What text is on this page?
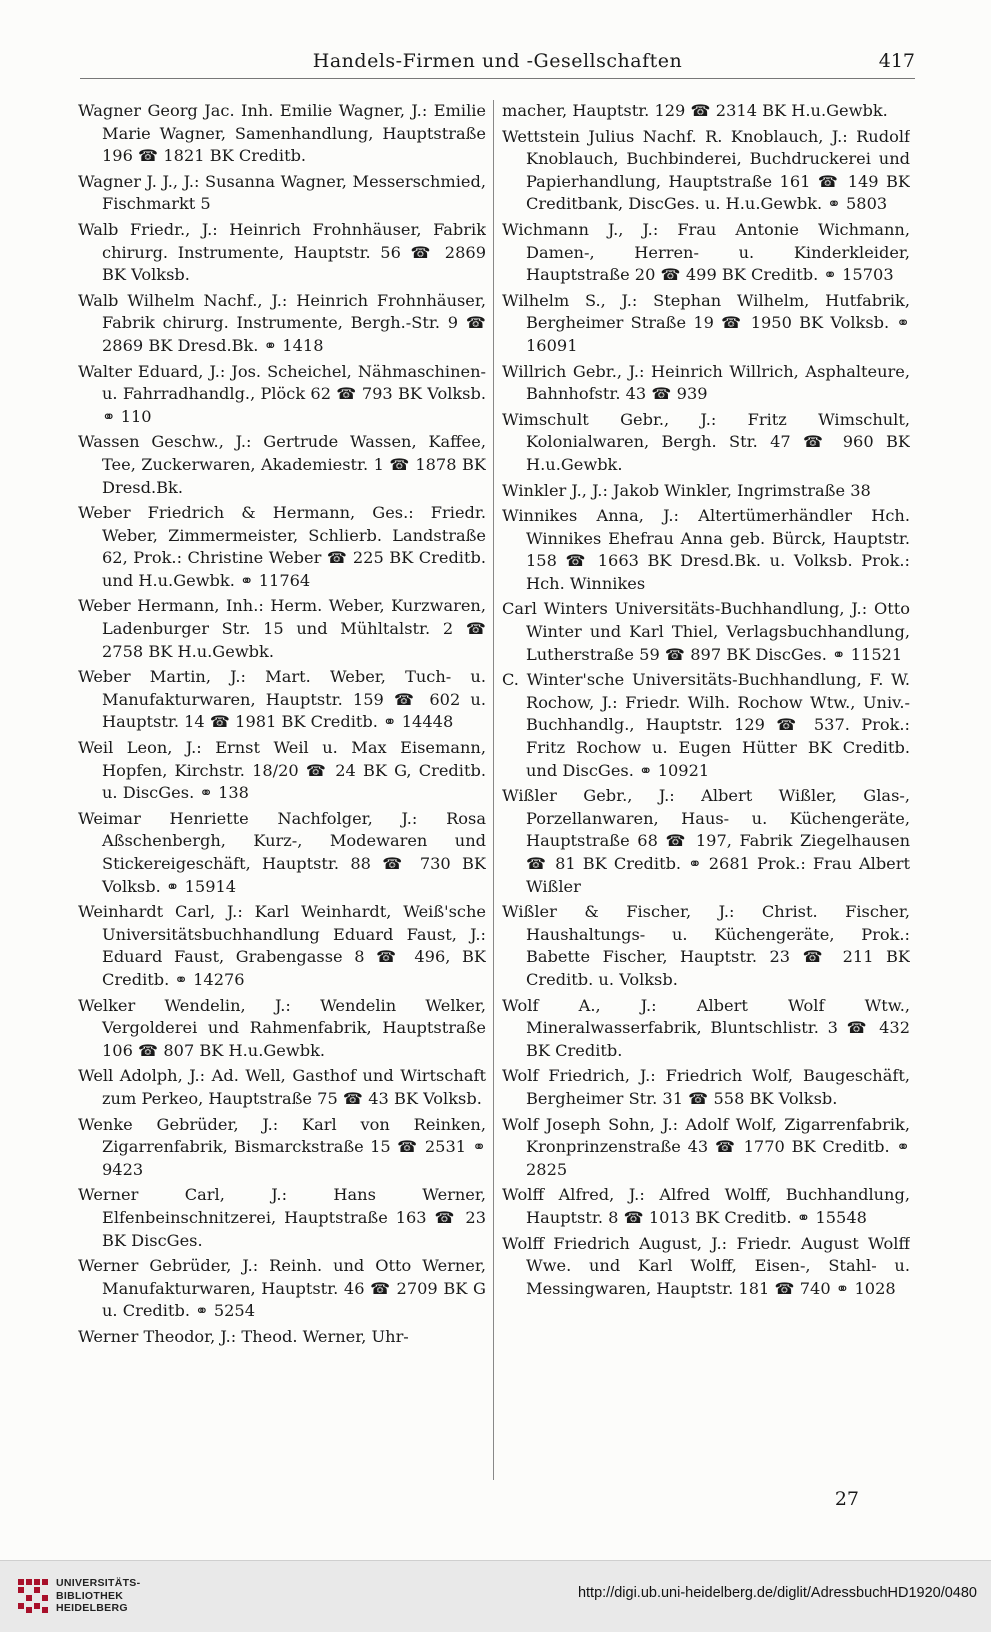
Handels-Firmen und -Gesellschaften	417

Wagner Georg Jac. Inh. Emilie Wagner, J.: Emilie Marie Wagner, Samenhandlung, Hauptstraße 196 ☎ 1821 BK Creditb.

Wagner J. J., J.: Susanna Wagner, Messerschmied, Fischmarkt 5

Walb Friedr., J.: Heinrich Frohnhäuser, Fabrik chirurg. Instrumente, Hauptstr. 56 ☎ 2869 BK Volksb.

Walb Wilhelm Nachf., J.: Heinrich Frohnhäuser, Fabrik chirurg. Instrumente, Bergh.-Str. 9 ☎ 2869 BK Dresd.Bk. ⚭ 1418

Walter Eduard, J.: Jos. Scheichel, Nähmaschinen- u. Fahrradhandlg., Plöck 62 ☎ 793 BK Volksb. ⚭ 110

Wassen Geschw., J.: Gertrude Wassen, Kaffee, Tee, Zuckerwaren, Akademiestr. 1 ☎ 1878 BK Dresd.Bk.

Weber Friedrich & Hermann, Ges.: Friedr. Weber, Zimmermeister, Schlierb. Landstraße 62, Prok.: Christine Weber ☎ 225 BK Creditb. und H.u.Gewbk. ⚭ 11764

Weber Hermann, Inh.: Herm. Weber, Kurzwaren, Ladenburger Str. 15 und Mühltalstr. 2 ☎ 2758 BK H.u.Gewbk.

Weber Martin, J.: Mart. Weber, Tuch- u. Manufakturwaren, Hauptstr. 159 ☎ 602 u. Hauptstr. 14 ☎ 1981 BK Creditb. ⚭ 14448

Weil Leon, J.: Ernst Weil u. Max Eisemann, Hopfen, Kirchstr. 18/20 ☎ 24 BK G, Creditb. u. DiscGes. ⚭ 138

Weimar Henriette Nachfolger, J.: Rosa Aßschenbergh, Kurz-, Modewaren und Stickereigeschäft, Hauptstr. 88 ☎ 730 BK Volksb. ⚭ 15914

Weinhardt Carl, J.: Karl Weinhardt, Weiß'sche Universitätsbuchhandlung Eduard Faust, J.: Eduard Faust, Grabengasse 8 ☎ 496, BK Creditb. ⚭ 14276

Welker Wendelin, J.: Wendelin Welker, Vergolderei und Rahmenfabrik, Hauptstraße 106 ☎ 807 BK H.u.Gewbk.

Well Adolph, J.: Ad. Well, Gasthof und Wirtschaft zum Perkeo, Hauptstraße 75 ☎ 43 BK Volksb.

Wenke Gebrüder, J.: Karl von Reinken, Zigarrenfabrik, Bismarckstraße 15 ☎ 2531 ⚭ 9423

Werner Carl, J.: Hans Werner, Elfenbeinschnitzerei, Hauptstraße 163 ☎ 23 BK DiscGes.

Werner Gebrüder, J.: Reinh. und Otto Werner, Manufakturwaren, Hauptstr. 46 ☎ 2709 BK G u. Creditb. ⚭ 5254

Werner Theodor, J.: Theod. Werner, Uhr-

macher, Hauptstr. 129 ☎ 2314 BK H.u.Gewbk.

Wettstein Julius Nachf. R. Knoblauch, J.: Rudolf Knoblauch, Buchbinderei, Buchdruckerei und Papierhandlung, Hauptstraße 161 ☎ 149 BK Creditbank, DiscGes. u. H.u.Gewbk. ⚭ 5803

Wichmann J., J.: Frau Antonie Wichmann, Damen-, Herren- u. Kinderkleider, Hauptstraße 20 ☎ 499 BK Creditb. ⚭ 15703

Wilhelm S., J.: Stephan Wilhelm, Hutfabrik, Bergheimer Straße 19 ☎ 1950 BK Volksb. ⚭ 16091

Willrich Gebr., J.: Heinrich Willrich, Asphalteure, Bahnhofstr. 43 ☎ 939

Wimschult Gebr., J.: Fritz Wimschult, Kolonialwaren, Bergh. Str. 47 ☎ 960 BK H.u.Gewbk.

Winkler J., J.: Jakob Winkler, Ingrimstraße 38

Winnikes Anna, J.: Altertümerhändler Hch. Winnikes Ehefrau Anna geb. Bürck, Hauptstr. 158 ☎ 1663 BK Dresd.Bk. u. Volksb. Prok.: Hch. Winnikes

Carl Winters Universitäts-Buchhandlung, J.: Otto Winter und Karl Thiel, Verlagsbuchhandlung, Lutherstraße 59 ☎ 897 BK DiscGes. ⚭ 11521

C. Winter'sche Universitäts-Buchhandlung, F. W. Rochow, J.: Friedr. Wilh. Rochow Wtw., Univ.-Buchhandlg., Hauptstr. 129 ☎ 537. Prok.: Fritz Rochow u. Eugen Hütter BK Creditb. und DiscGes. ⚭ 10921

Wißler Gebr., J.: Albert Wißler, Glas-, Porzellanwaren, Haus- u. Küchengeräte, Hauptstraße 68 ☎ 197, Fabrik Ziegelhausen ☎ 81 BK Creditb. ⚭ 2681 Prok.: Frau Albert Wißler

Wißler & Fischer, J.: Christ. Fischer, Haushaltungs- u. Küchengeräte, Prok.: Babette Fischer, Hauptstr. 23 ☎ 211 BK Creditb. u. Volksb.

Wolf A., J.: Albert Wolf Wtw., Mineralwasserfabrik, Bluntschlistr. 3 ☎ 432 BK Creditb.

Wolf Friedrich, J.: Friedrich Wolf, Baugeschäft, Bergheimer Str. 31 ☎ 558 BK Volksb.

Wolf Joseph Sohn, J.: Adolf Wolf, Zigarrenfabrik, Kronprinzenstraße 43 ☎ 1770 BK Creditb. ⚭ 2825

Wolff Alfred, J.: Alfred Wolff, Buchhandlung, Hauptstr. 8 ☎ 1013 BK Creditb. ⚭ 15548

Wolff Friedrich August, J.: Friedr. August Wolff Wwe. und Karl Wolff, Eisen-, Stahl- u. Messingwaren, Hauptstr. 181 ☎ 740 ⚭ 1028

27
UNIVERSITÄTS-
BIBLIOTHEK
HEIDELBERG
http://digi.ub.uni-heidelberg.de/diglit/AdressbuchHD1920/0480
